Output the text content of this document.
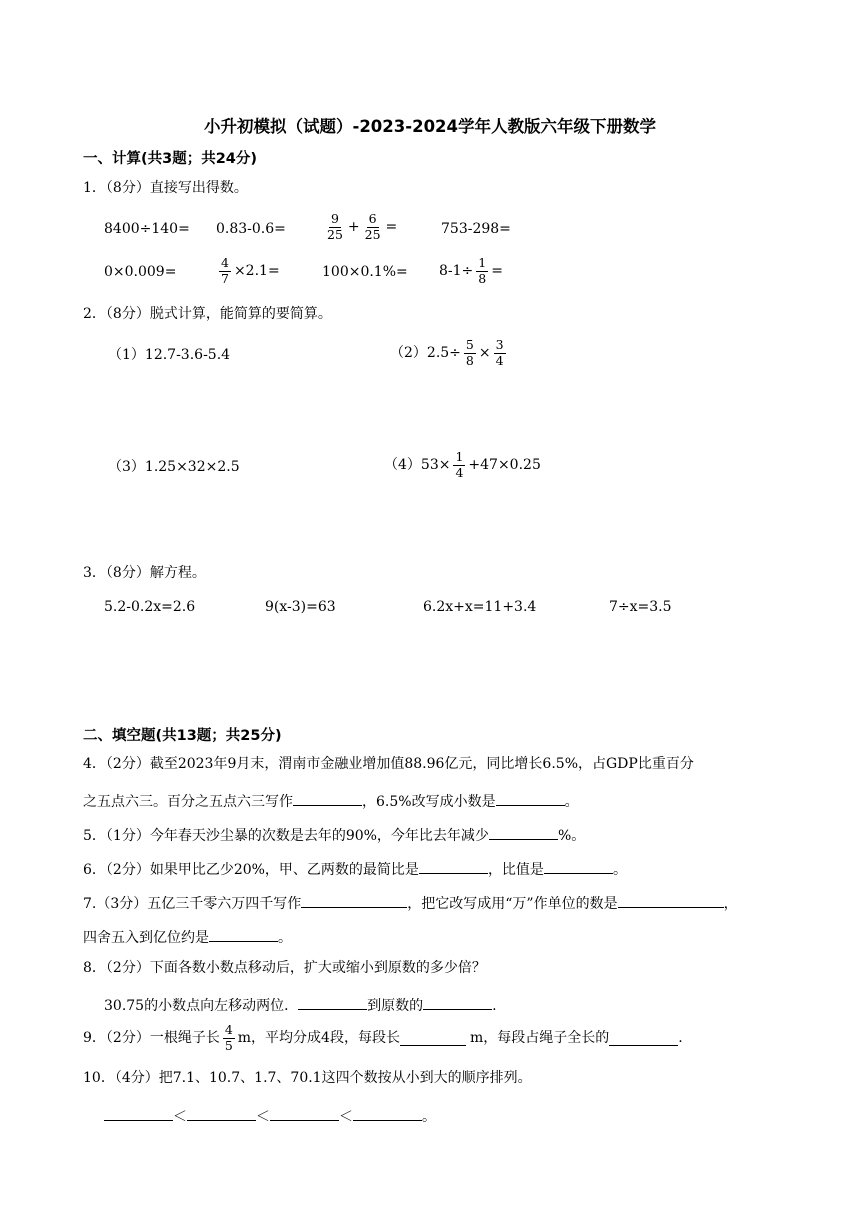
小升初模拟（试题）-2023-2024学年人教版六年级下册数学
一、计算(共3题；共24分)
1．（8分）直接写出得数。
8400÷140= 0.83-0.6=	$\frac{9}{25} + \frac{6}{25}$ =	753-298=
0×0.009=	$\frac{4}{7} \times 2.1=$	$100\times 0.1\%= 8-1\div \frac{1}{8}$ =
2．（8分）脱式计算，能简算的要简算。
（1）12.7-3.6-5.4	$(2)2.5\div \frac{5}{8} \times \frac{3}{4}$
（3）1.25×32×2.5	$(4)53\times \frac{1}{4} +47\times 0.25$
3．（8分）解方程。
5.2-0.2x=2.6	9(x-3)=63	6.2x+x=11+3.4	7÷x=3.5
二、填空题(共13题；共25分)
4．（2分）截至2023年9月末，渭南市金融业增加值88.96亿元，同比增长6.5%，占GDP比重百分
之五点六三。百分之五点六三写作	，6.5%改写成小数是	。
5．（1分）今年春天沙尘暴的次数是去年的90%，今年比去年减少	%。
6．（2分）如果甲比乙少20%，甲、乙两数的最简比是	，比值是	。
7.（3分）五亿三千零六万四千写作	，把它改写成用“万”作单位的数是	，
四舍五入到亿位约是	。
8．（2分）下面各数小数点移动后，扩大或缩小到原数的多少倍？
30.75的小数点向左移动两位．	到原数的	.
9．（2分）一根绳子长 $\frac{4}{5}$ m，平均分成4段，每段长	m，每段占绳子全长的	.
10．（4分）把7.1、10.7、1.7、70.1这四个数按从小到大的顺序排列。
＜	＜	＜	。
